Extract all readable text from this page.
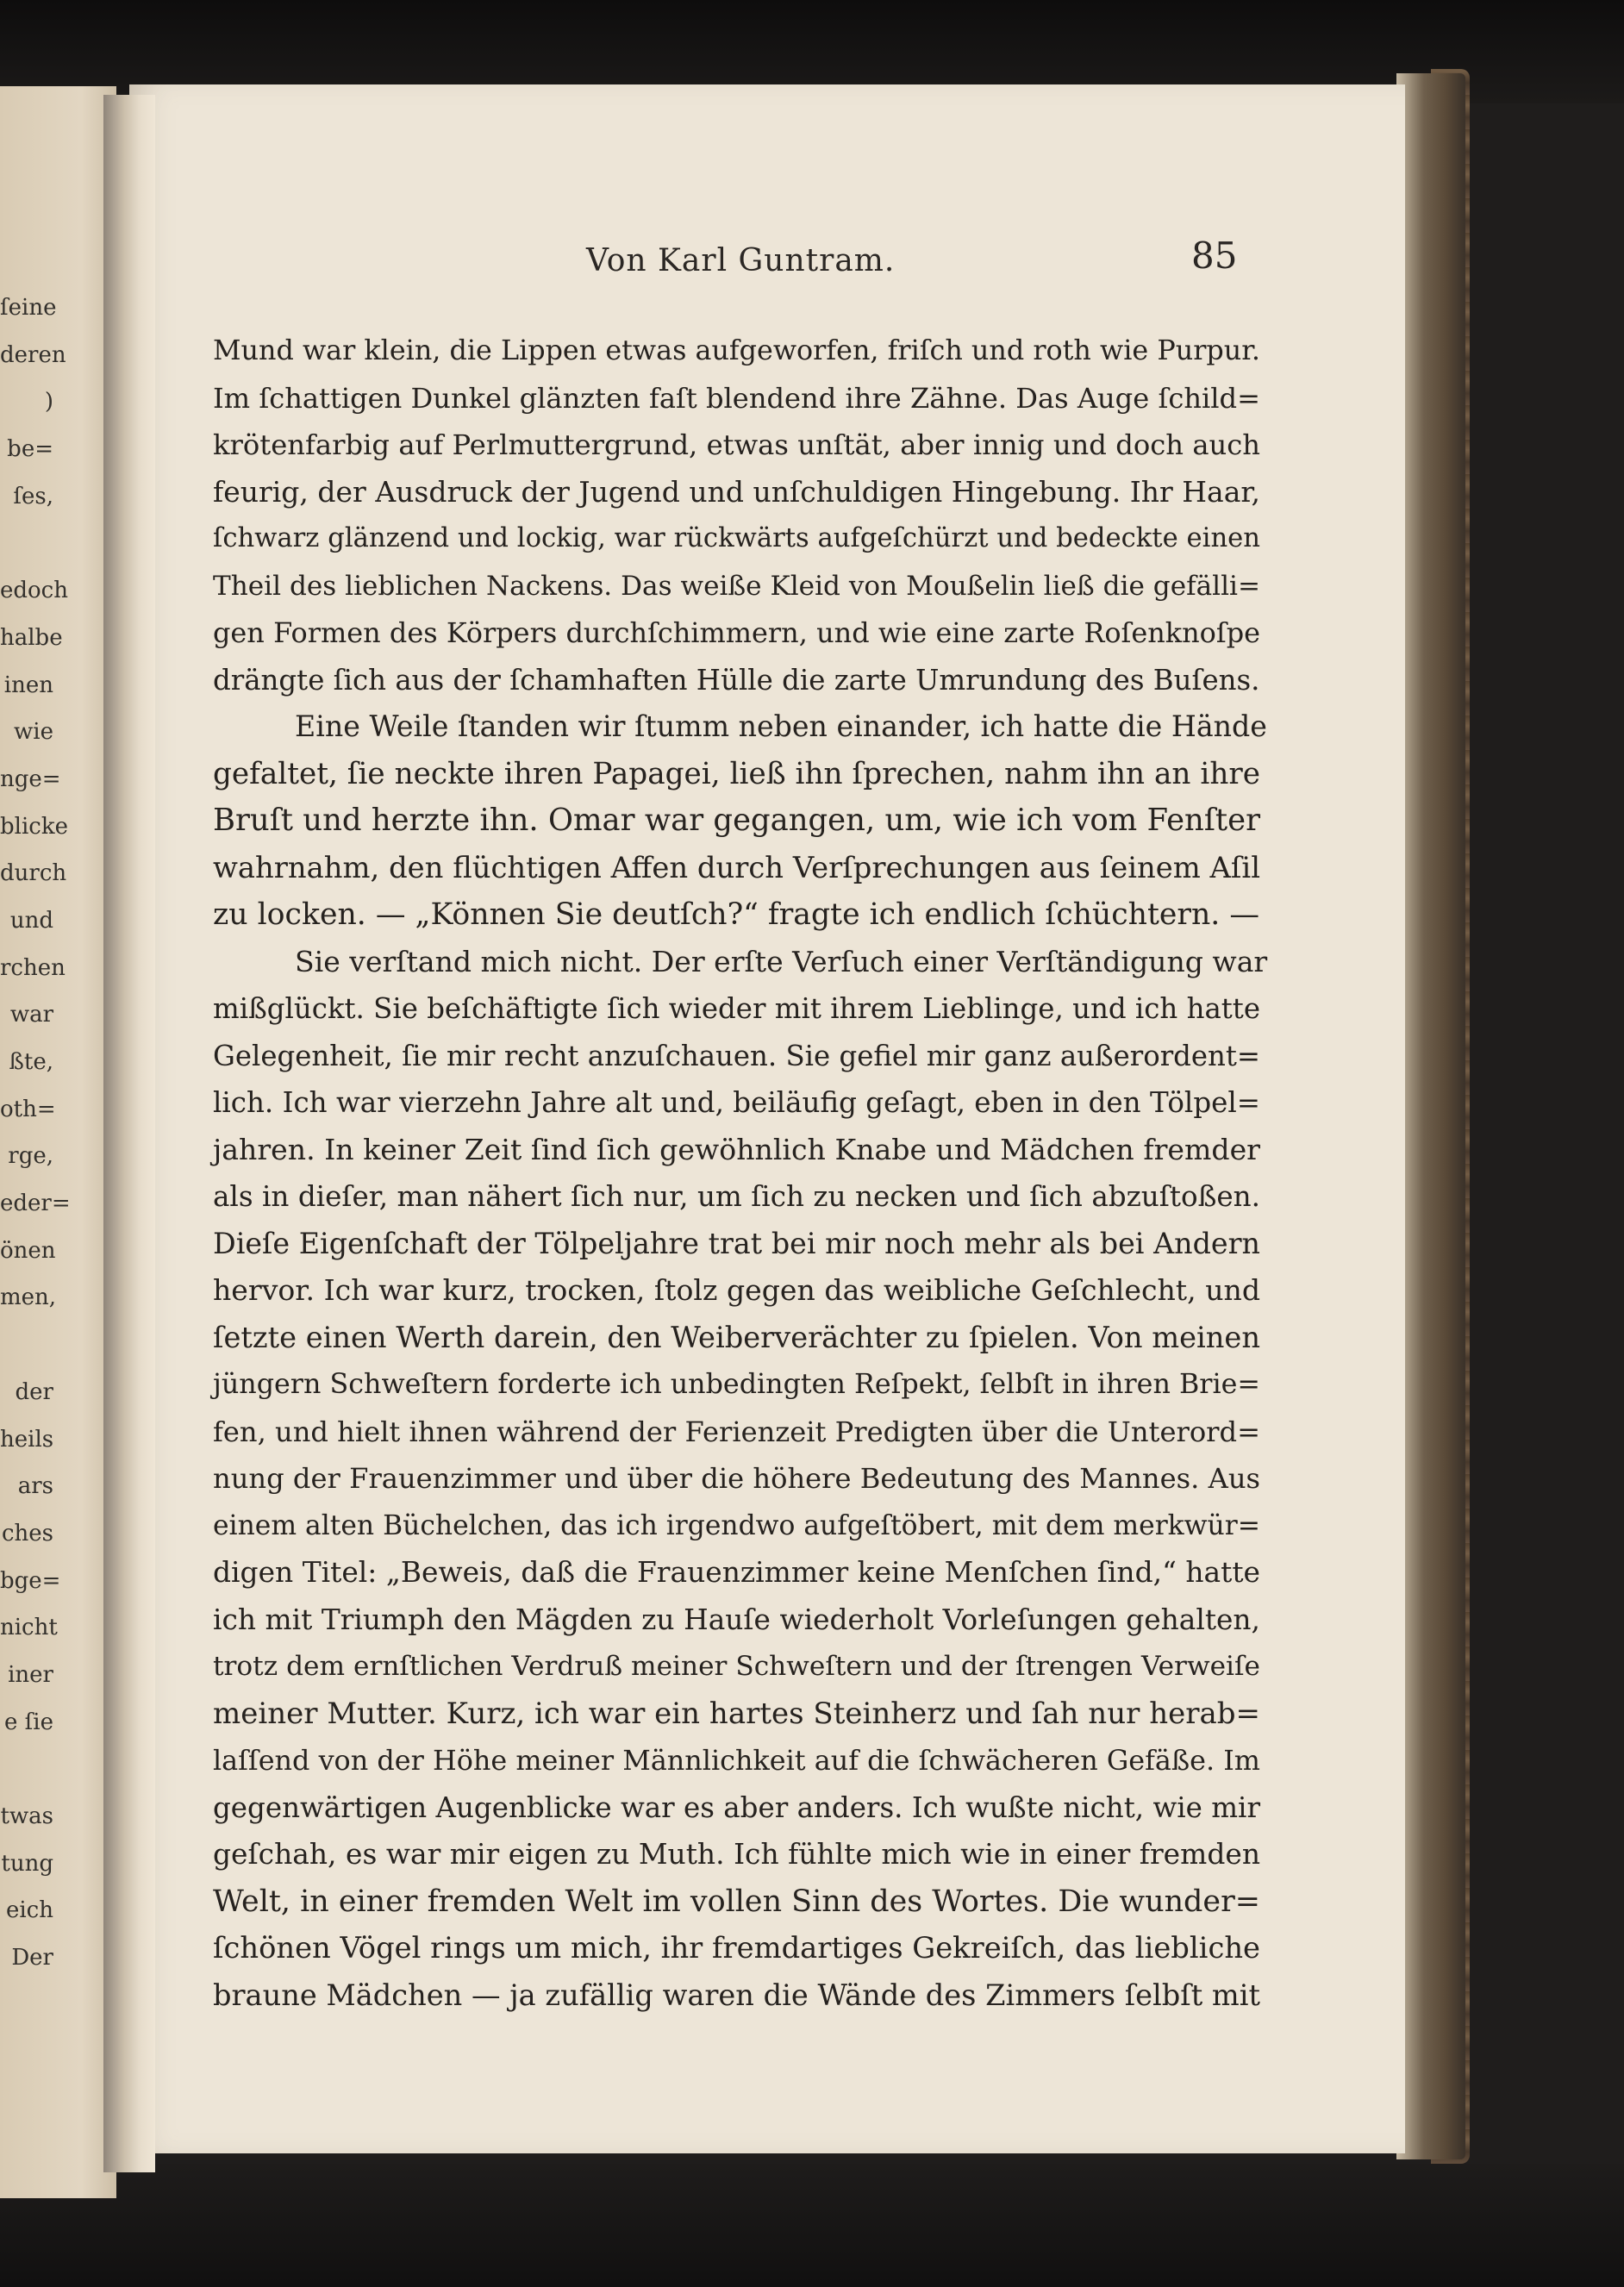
ſeine
deren
) be=
ſes,
edoch
halbe
inen
wie
nge=
blicke
durch
und
rchen
war
ßte,
oth=
rge,
eder=
önen
men,
der
heils
ars
ches
bge=
nicht
iner
e ſie
twas
tung
eich
Der
Von Karl Guntram.	85
Mund war klein, die Lippen etwas aufgeworfen, friſch und roth wie Purpur.
Im ſchattigen Dunkel glänzten faſt blendend ihre Zähne. Das Auge ſchild=
krötenfarbig auf Perlmuttergrund, etwas unſtät, aber innig und doch auch
feurig, der Ausdruck der Jugend und unſchuldigen Hingebung. Ihr Haar,
ſchwarz glänzend und lockig, war rückwärts aufgeſchürzt und bedeckte einen
Theil des lieblichen Nackens. Das weiße Kleid von Moußelin ließ die gefälli=
gen Formen des Körpers durchſchimmern, und wie eine zarte Roſenknoſpe
drängte ſich aus der ſchamhaften Hülle die zarte Umrundung des Buſens.
Eine Weile ſtanden wir ſtumm neben einander, ich hatte die Hände
gefaltet, ſie neckte ihren Papagei, ließ ihn ſprechen, nahm ihn an ihre
Bruſt und herzte ihn. Omar war gegangen, um, wie ich vom Fenſter
wahrnahm, den flüchtigen Affen durch Verſprechungen aus ſeinem Aſil
zu locken. — „Können Sie deutſch?“ fragte ich endlich ſchüchtern. —
Sie verſtand mich nicht. Der erſte Verſuch einer Verſtändigung war
mißglückt. Sie beſchäftigte ſich wieder mit ihrem Lieblinge, und ich hatte
Gelegenheit, ſie mir recht anzuſchauen. Sie gefiel mir ganz außerordent=
lich. Ich war vierzehn Jahre alt und, beiläufig geſagt, eben in den Tölpel=
jahren. In keiner Zeit ſind ſich gewöhnlich Knabe und Mädchen fremder
als in dieſer, man nähert ſich nur, um ſich zu necken und ſich abzuſtoßen.
Dieſe Eigenſchaft der Tölpeljahre trat bei mir noch mehr als bei Andern
hervor. Ich war kurz, trocken, ſtolz gegen das weibliche Geſchlecht, und
ſetzte einen Werth darein, den Weiberverächter zu ſpielen. Von meinen
jüngern Schweſtern forderte ich unbedingten Reſpekt, ſelbſt in ihren Brie=
fen, und hielt ihnen während der Ferienzeit Predigten über die Unterord=
nung der Frauenzimmer und über die höhere Bedeutung des Mannes. Aus
einem alten Büchelchen, das ich irgendwo aufgeſtöbert, mit dem merkwür=
digen Titel: „Beweis, daß die Frauenzimmer keine Menſchen ſind,“ hatte
ich mit Triumph den Mägden zu Hauſe wiederholt Vorleſungen gehalten,
trotz dem ernſtlichen Verdruß meiner Schweſtern und der ſtrengen Verweiſe
meiner Mutter. Kurz, ich war ein hartes Steinherz und ſah nur herab=
laſſend von der Höhe meiner Männlichkeit auf die ſchwächeren Gefäße. Im
gegenwärtigen Augenblicke war es aber anders. Ich wußte nicht, wie mir
geſchah, es war mir eigen zu Muth. Ich fühlte mich wie in einer fremden
Welt, in einer fremden Welt im vollen Sinn des Wortes. Die wunder=
ſchönen Vögel rings um mich, ihr fremdartiges Gekreiſch, das liebliche
braune Mädchen — ja zufällig waren die Wände des Zimmers ſelbſt mit
